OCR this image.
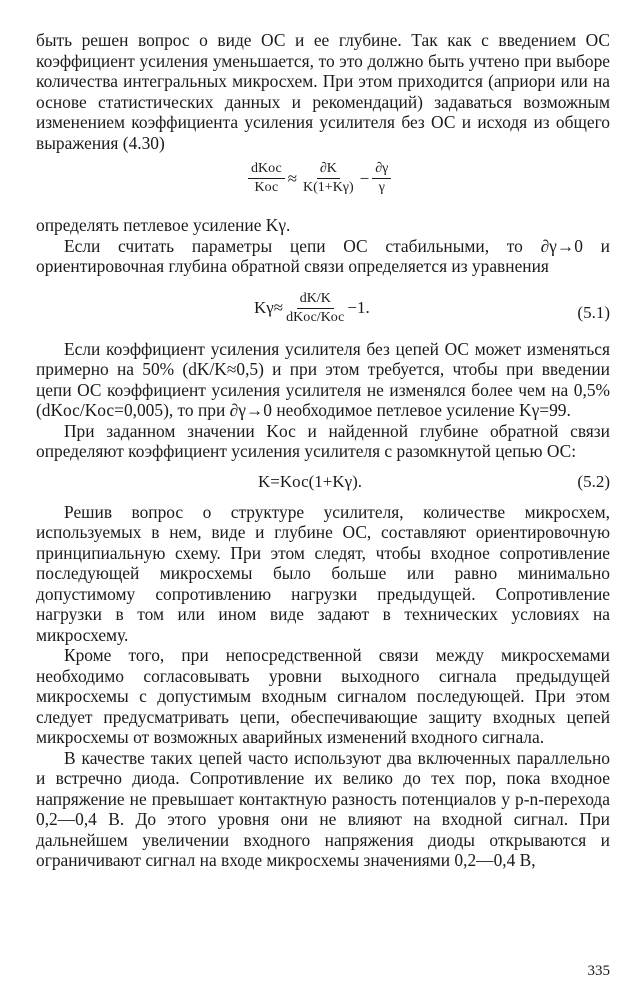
быть решен вопрос о виде ОС и ее глубине. Так как с введением ОС коэффициент усиления уменьшается, то это должно быть учтено при выборе количества интегральных микросхем. При этом приходится (априори или на основе статистических данных и рекомендаций) задаваться возможным изменением коэффициента усиления усилителя без ОС и исходя из общего выражения (4.30)

$\frac{\text{dKос}}{\text{Kос}} \approx \frac{\partial K}{K(1+K\gamma)} - \frac{\partial\gamma}{\gamma}$

определять петлевое усиление Kγ.

Если считать параметры цепи ОС стабильными, то ∂γ→0 и ориентировочная глубина обратной связи определяется из уравнения

$K\gamma\approx \frac{dK/K}{\text{dKос/Kос}} -1$.	(5.1)

Если коэффициент усиления усилителя без цепей ОС может изменяться примерно на 50% (dK/K≈0,5) и при этом требуется, чтобы при введении цепи ОС коэффициент усиления усилителя не изменялся более чем на 0,5% (dKос/Kос=0,005), то при ∂γ→0 необходимое петлевое усиление Kγ=99.

При заданном значении Kос и найденной глубине обратной связи определяют коэффициент усиления усилителя с разомкнутой цепью ОС:

K=Kос(1+Kγ).	(5.2)

Решив вопрос о структуре усилителя, количестве микросхем, используемых в нем, виде и глубине ОС, составляют ориентировочную принципиальную схему. При этом следят, чтобы входное сопротивление последующей микросхемы было больше или равно минимально допустимому сопротивлению нагрузки предыдущей. Сопротивление нагрузки в том или ином виде задают в технических условиях на микросхему.

Кроме того, при непосредственной связи между микросхемами необходимо согласовывать уровни выходного сигнала предыдущей микросхемы с допустимым входным сигналом последующей. При этом следует предусматривать цепи, обеспечивающие защиту входных цепей микросхемы от возможных аварийных изменений входного сигнала.

В качестве таких цепей часто используют два включенных параллельно и встречно диода. Сопротивление их велико до тех пор, пока входное напряжение не превышает контактную разность потенциалов у p-n-перехода 0,2—0,4 В. До этого уровня они не влияют на входной сигнал. При дальнейшем увеличении входного напряжения диоды открываются и ограничивают сигнал на входе микросхемы значениями 0,2—0,4 В,

335
